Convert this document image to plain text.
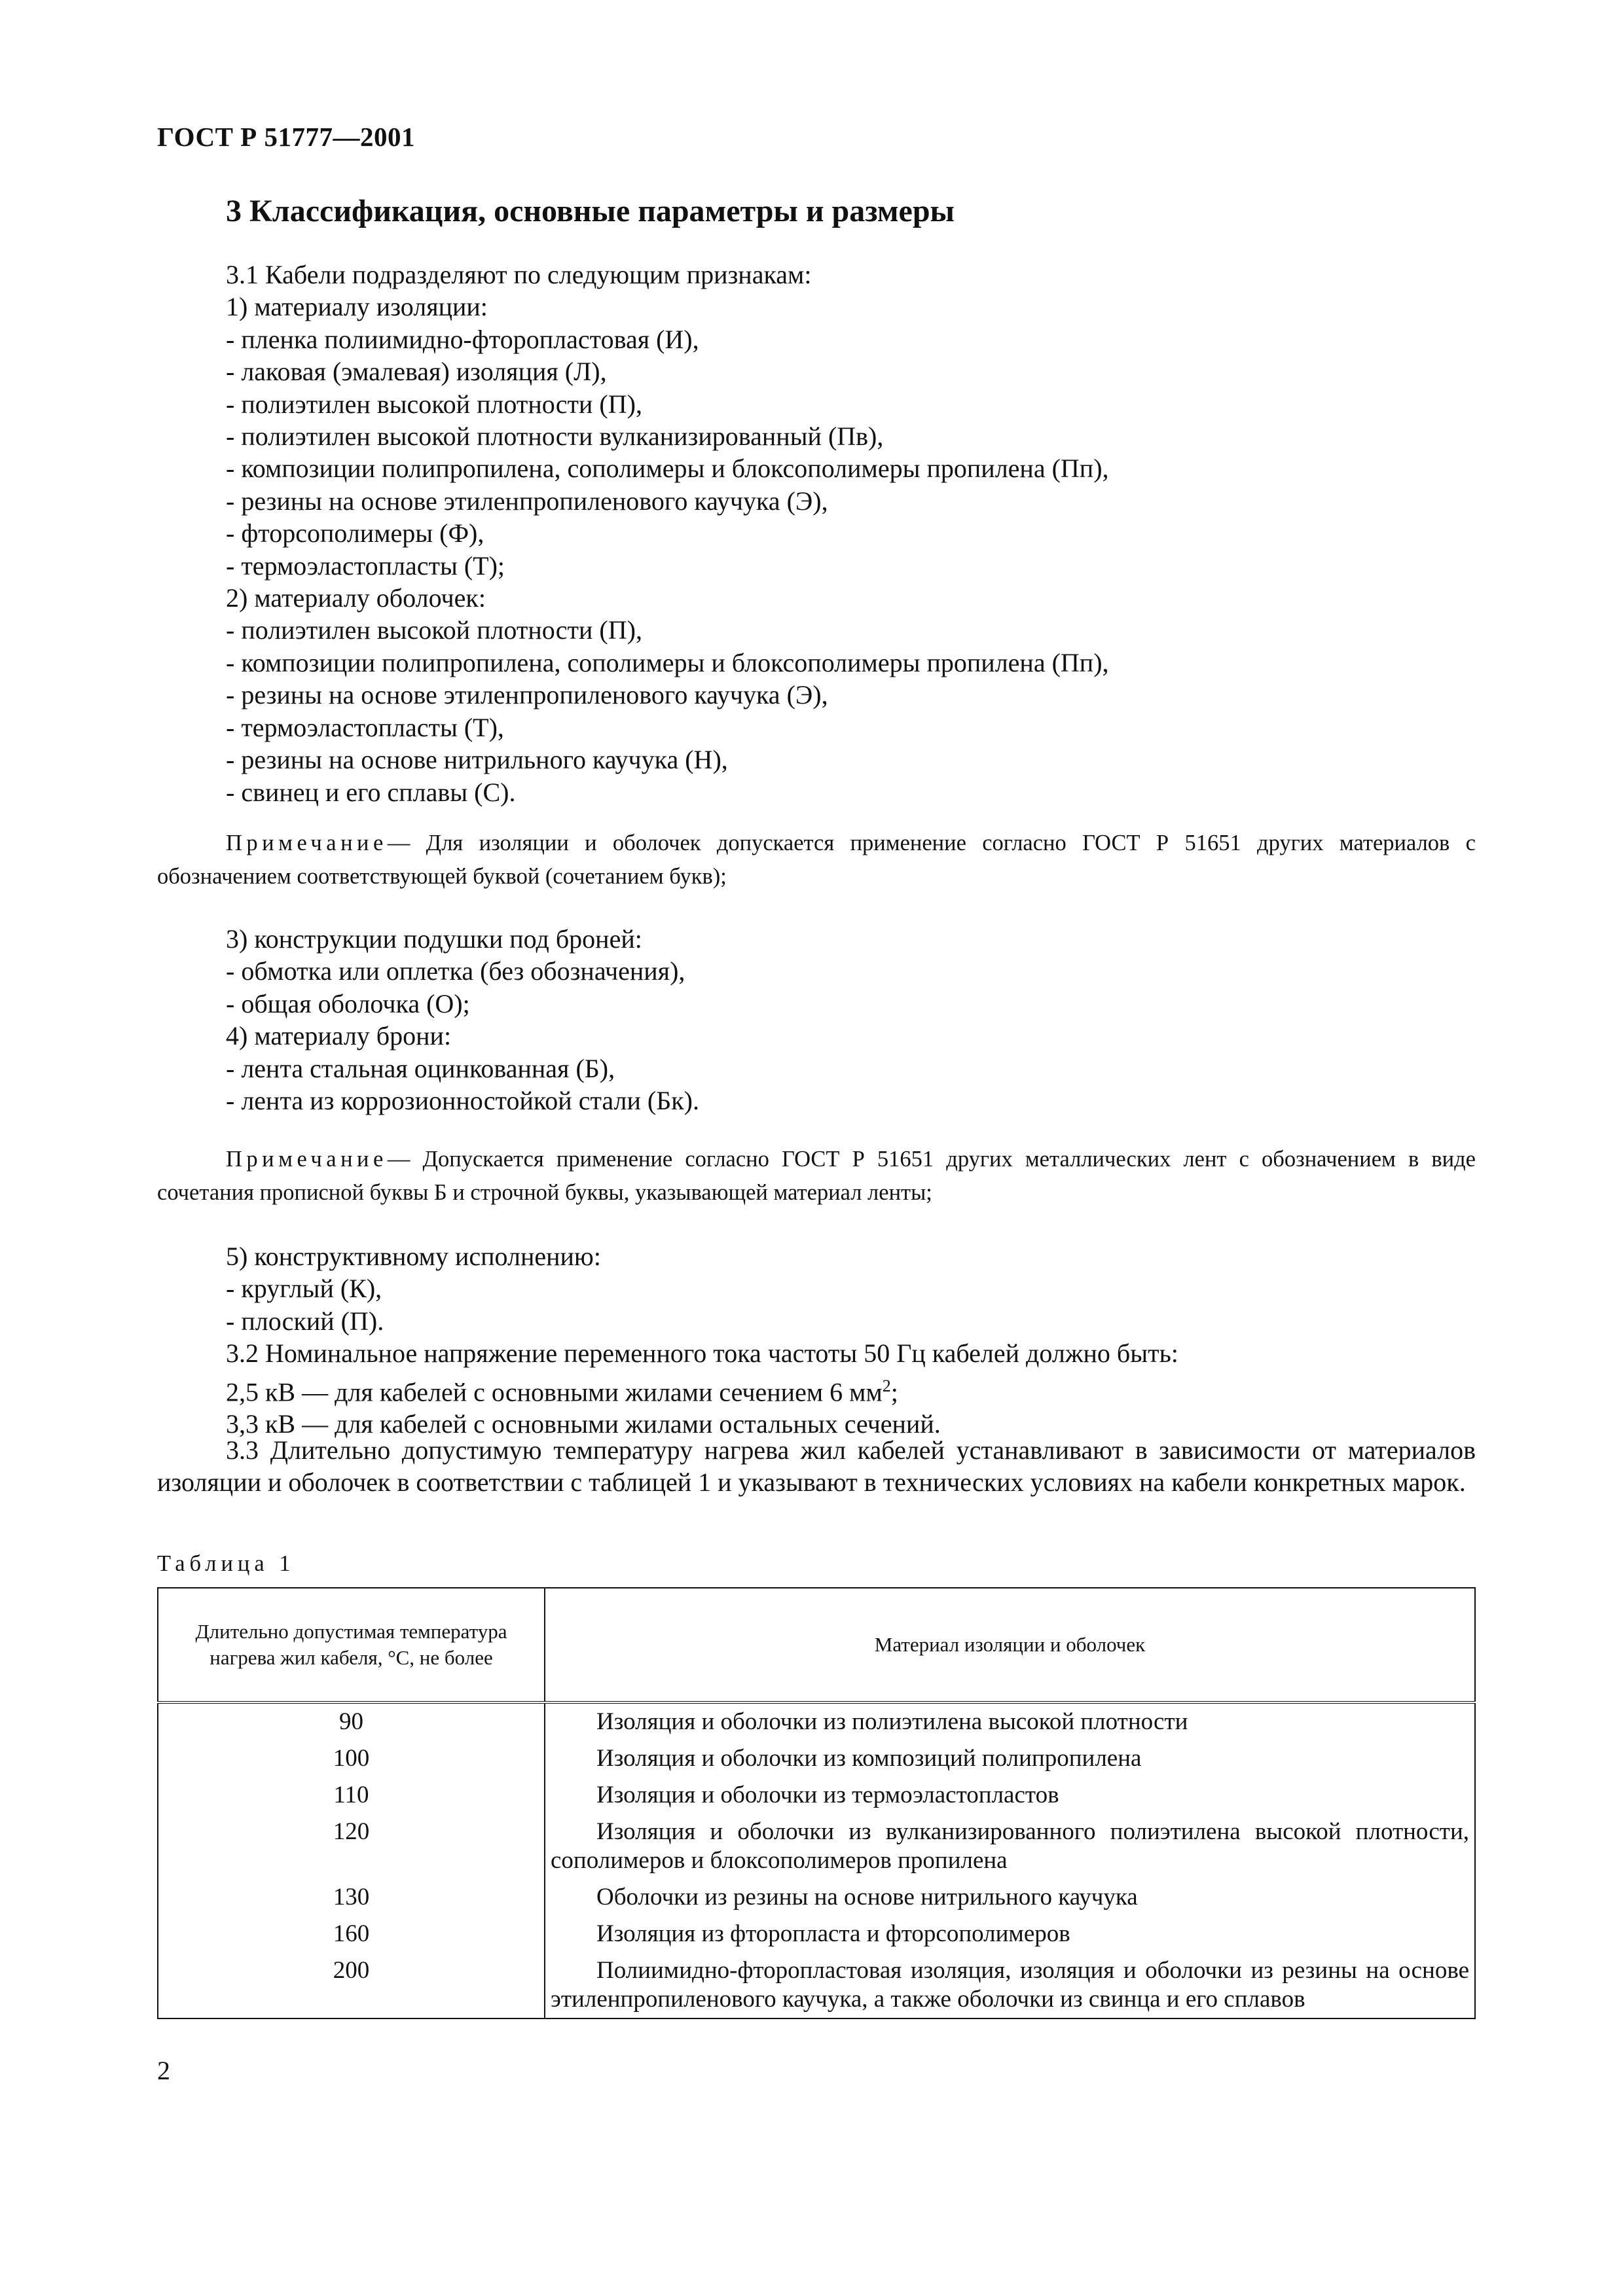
ГОСТ Р 51777—2001
3 Классификация, основные параметры и размеры
3.1 Кабели подразделяют по следующим признакам:
1) материалу изоляции:
- пленка полиимидно-фторопластовая (И),
- лаковая (эмалевая) изоляция (Л),
- полиэтилен высокой плотности (П),
- полиэтилен высокой плотности вулканизированный (Пв),
- композиции полипропилена, сополимеры и блоксополимеры пропилена (Пп),
- резины на основе этиленпропиленового каучука (Э),
- фторсополимеры (Ф),
- термоэластопласты (Т);
2) материалу оболочек:
- полиэтилен высокой плотности (П),
- композиции полипропилена, сополимеры и блоксополимеры пропилена (Пп),
- резины на основе этиленпропиленового каучука (Э),
- термоэластопласты (Т),
- резины на основе нитрильного каучука (Н),
- свинец и его сплавы (С).
Примечание— Для изоляции и оболочек допускается применение согласно ГОСТ Р 51651 других материалов с обозначением соответствующей буквой (сочетанием букв);
3) конструкции подушки под броней:
- обмотка или оплетка (без обозначения),
- общая оболочка (О);
4) материалу брони:
- лента стальная оцинкованная (Б),
- лента из коррозионностойкой стали (Бк).
Примечание— Допускается применение согласно ГОСТ Р 51651 других металлических лент с обозначением в виде сочетания прописной буквы Б и строчной буквы, указывающей материал ленты;
5) конструктивному исполнению:
- круглый (К),
- плоский (П).
3.2 Номинальное напряжение переменного тока частоты 50 Гц кабелей должно быть:
2,5 кВ — для кабелей с основными жилами сечением 6 $мм^2$;
3,3 кВ — для кабелей с основными жилами остальных сечений.
3.3 Длительно допустимую температуру нагрева жил кабелей устанавливают в зависимости от материалов изоляции и оболочек в соответствии с таблицей 1 и указывают в технических условиях на кабели конкретных марок.
Таблица 1
Длительно допустимая температура нагрева жил кабеля, °С, не более	Материал изоляции и оболочек
90	Изоляция и оболочки из полиэтилена высокой плотности
100	Изоляция и оболочки из композиций полипропилена
110	Изоляция и оболочки из термоэластопластов
120	Изоляция и оболочки из вулканизированного полиэтилена высокой плотности, сополимеров и блоксополимеров пропилена
130	Оболочки из резины на основе нитрильного каучука
160	Изоляция из фторопласта и фторсополимеров
200	Полиимидно-фторопластовая изоляция, изоляция и оболочки из резины на основе этиленпропиленового каучука, а также оболочки из свинца и его сплавов
2
